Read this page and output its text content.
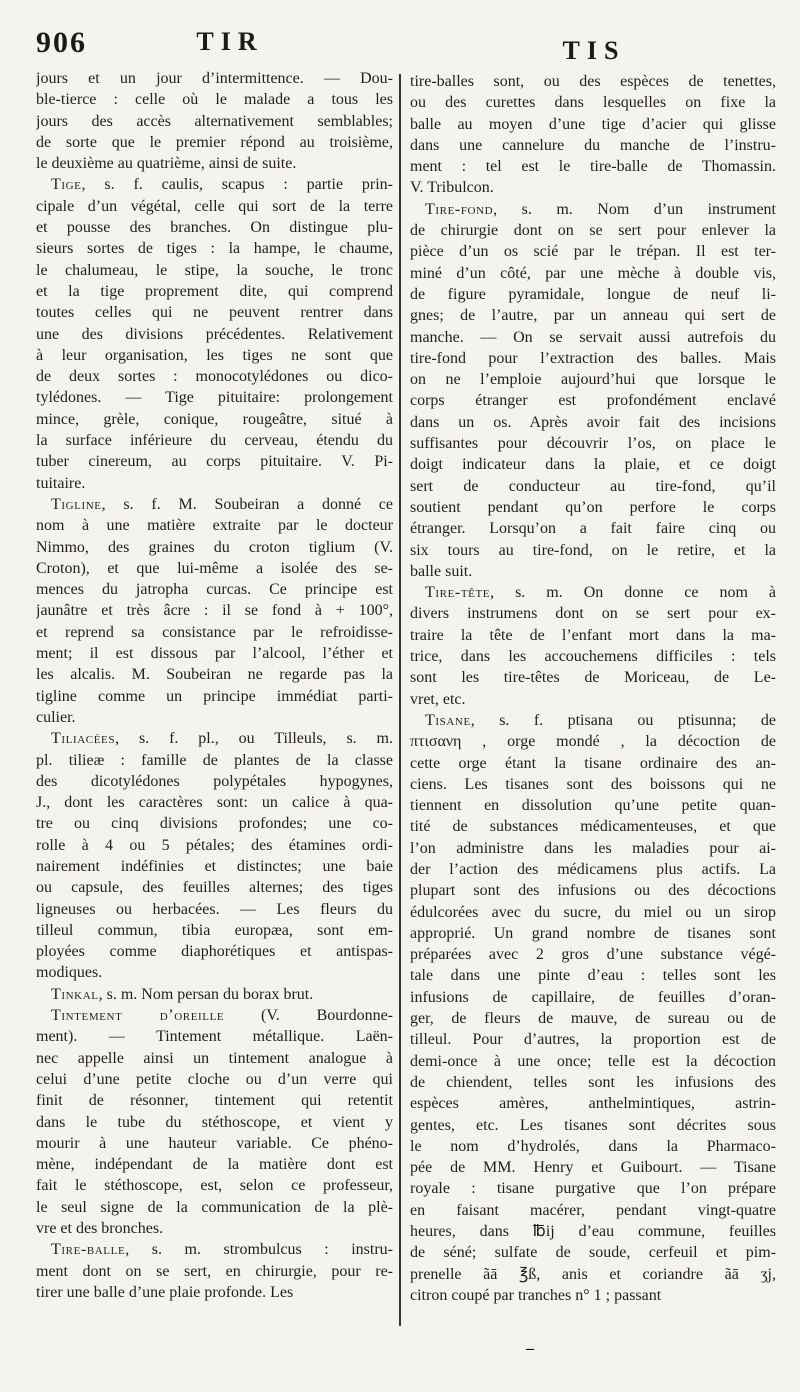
906	TIR	TIS
jours et un jour d’intermittence. — Dou-
ble-tierce : celle où le malade a tous les
jours des accès alternativement semblables;
de sorte que le premier répond au troisième,
le deuxième au quatrième, ainsi de suite.
Tige, s. f. caulis, scapus : partie prin-
cipale d’un végétal, celle qui sort de la terre
et pousse des branches. On distingue plu-
sieurs sortes de tiges : la hampe, le chaume,
le chalumeau, le stipe, la souche, le tronc
et la tige proprement dite, qui comprend
toutes celles qui ne peuvent rentrer dans
une des divisions précédentes. Relativement
à leur organisation, les tiges ne sont que
de deux sortes : monocotylédones ou dico-
tylédones. — Tige pituitaire: prolongement
mince, grèle, conique, rougeâtre, situé à
la surface inférieure du cerveau, étendu du
tuber cinereum, au corps pituitaire. V. Pi-
tuitaire.
Tigline, s. f. M. Soubeiran a donné ce
nom à une matière extraite par le docteur
Nimmo, des graines du croton tiglium (V.
Croton), et que lui-même a isolée des se-
mences du jatropha curcas. Ce principe est
jaunâtre et très âcre : il se fond à + 100°,
et reprend sa consistance par le refroidisse-
ment; il est dissous par l’alcool, l’éther et
les alcalis. M. Soubeiran ne regarde pas la
tigline comme un principe immédiat parti-
culier.
Tiliacées, s. f. pl., ou Tilleuls, s. m.
pl. tilieæ : famille de plantes de la classe
des dicotylédones polypétales hypogynes,
J., dont les caractères sont: un calice à qua-
tre ou cinq divisions profondes; une co-
rolle à 4 ou 5 pétales; des étamines ordi-
nairement indéfinies et distinctes; une baie
ou capsule, des feuilles alternes; des tiges
ligneuses ou herbacées. — Les fleurs du
tilleul commun, tibia europæa, sont em-
ployées comme diaphorétiques et antispas-
modiques.
Tinkal, s. m. Nom persan du borax brut.
Tintement d’oreille (V. Bourdonne-
ment). — Tintement métallique. Laën-
nec appelle ainsi un tintement analogue à
celui d’une petite cloche ou d’un verre qui
finit de résonner, tintement qui retentit
dans le tube du stéthoscope, et vient y
mourir à une hauteur variable. Ce phéno-
mène, indépendant de la matière dont est
fait le stéthoscope, est, selon ce professeur,
le seul signe de la communication de la plè-
vre et des bronches.
Tire-balle, s. m. strombulcus : instru-
ment dont on se sert, en chirurgie, pour re-
tirer une balle d’une plaie profonde. Les
tire-balles sont, ou des espèces de tenettes,
ou des curettes dans lesquelles on fixe la
balle au moyen d’une tige d’acier qui glisse
dans une cannelure du manche de l’instru-
ment : tel est le tire-balle de Thomassin.
V. Tribulcon.
Tire-fond, s. m. Nom d’un instrument
de chirurgie dont on se sert pour enlever la
pièce d’un os scié par le trépan. Il est ter-
miné d’un côté, par une mèche à double vis,
de figure pyramidale, longue de neuf li-
gnes; de l’autre, par un anneau qui sert de
manche. — On se servait aussi autrefois du
tire-fond pour l’extraction des balles. Mais
on ne l’emploie aujourd’hui que lorsque le
corps étranger est profondément enclavé
dans un os. Après avoir fait des incisions
suffisantes pour découvrir l’os, on place le
doigt indicateur dans la plaie, et ce doigt
sert de conducteur au tire-fond, qu’il
soutient pendant qu’on perfore le corps
étranger. Lorsqu’on a fait faire cinq ou
six tours au tire-fond, on le retire, et la
balle suit.
Tire-tête, s. m. On donne ce nom à
divers instrumens dont on se sert pour ex-
traire la tête de l’enfant mort dans la ma-
trice, dans les accouchemens difficiles : tels
sont les tire-têtes de Moriceau, de Le-
vret, etc.
Tisane, s. f. ptisana ou ptisunna; de
πτισανη , orge mondé , la décoction de
cette orge étant la tisane ordinaire des an-
ciens. Les tisanes sont des boissons qui ne
tiennent en dissolution qu’une petite quan-
tité de substances médicamenteuses, et que
l’on administre dans les maladies pour ai-
der l’action des médicamens plus actifs. La
plupart sont des infusions ou des décoctions
édulcorées avec du sucre, du miel ou un sirop
approprié. Un grand nombre de tisanes sont
préparées avec 2 gros d’une substance végé-
tale dans une pinte d’eau : telles sont les
infusions de capillaire, de feuilles d’oran-
ger, de fleurs de mauve, de sureau ou de
tilleul. Pour d’autres, la proportion est de
demi-once à une once; telle est la décoction
de chiendent, telles sont les infusions des
espèces amères, anthelmintiques, astrin-
gentes, etc. Les tisanes sont décrites sous
le nom d’hydrolés, dans la Pharmaco-
pée de MM. Henry et Guibourt. — Tisane
royale : tisane purgative que l’on prépare
en faisant macérer, pendant vingt-quatre
heures, dans ℔ij d’eau commune, feuilles
de séné; sulfate de soude, cerfeuil et pim-
prenelle ãā ℥ß, anis et coriandre ãā ʒj,
citron coupé par tranches n° 1 ; passant
–
